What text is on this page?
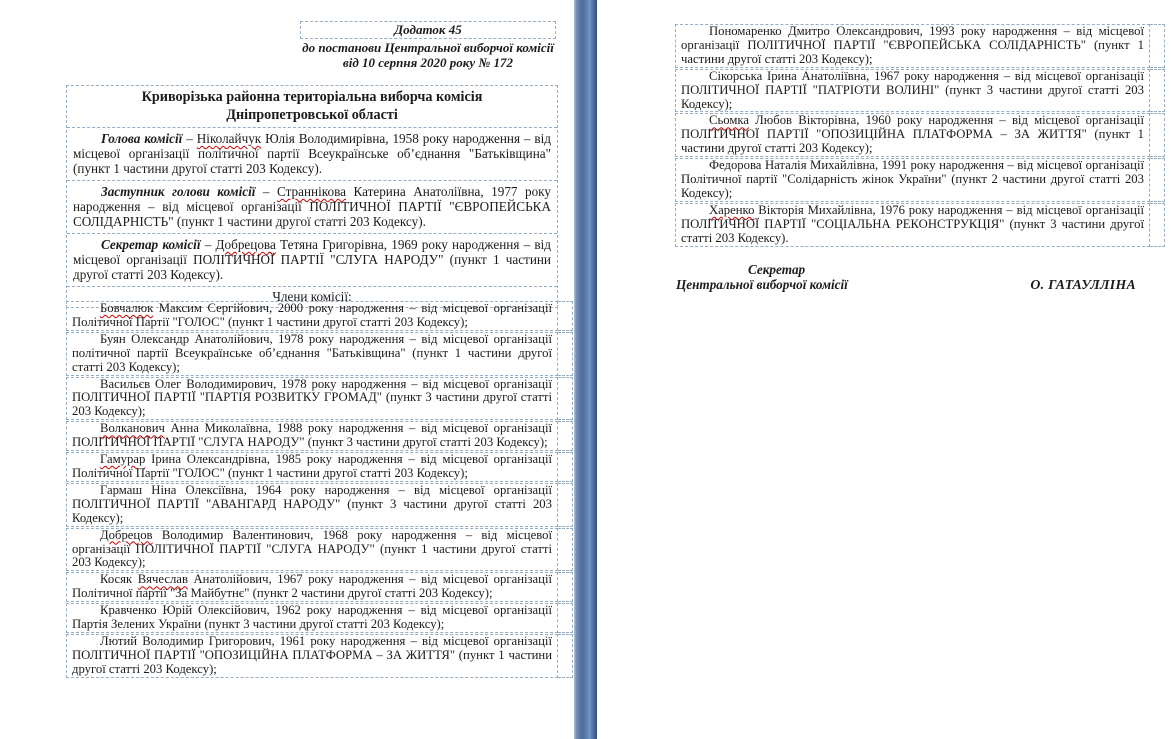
Додаток 45
до постанови Центральної виборчої комісії
від 10 серпня 2020 року № 172
Криворізька районна територіальна виборча комісія
Дніпропетровської області
Голова комісії – Ніколайчук Юлія Володимирівна, 1958 року народження – від місцевої організації політичної партії Всеукраїнське об’єднання "Батьківщина" (пункт 1 частини другої статті 203 Кодексу).
Заступник голови комісії – Страннікова Катерина Анатоліївна, 1977 року народження – від місцевої організації ПОЛІТИЧНОЇ ПАРТІЇ "ЄВРОПЕЙСЬКА СОЛІДАРНІСТЬ" (пункт 1 частини другої статті 203 Кодексу).
Секретар комісії – Добрецова Тетяна Григорівна, 1969 року народження – від місцевої організації ПОЛІТИЧНОЇ ПАРТІЇ "СЛУГА НАРОДУ" (пункт 1 частини другої статті 203 Кодексу).
Члени комісії:
Бовчалюк Максим Сергійович, 2000 року народження – від місцевої організації Політичної Партії "ГОЛОС" (пункт 1 частини другої статті 203 Кодексу);
Буян Олександр Анатолійович, 1978 року народження – від місцевої організації політичної партії Всеукраїнське об’єднання "Батьківщина" (пункт 1 частини другої статті 203 Кодексу);
Васильєв Олег Володимирович, 1978 року народження – від місцевої організації ПОЛІТИЧНОЇ ПАРТІЇ "ПАРТІЯ РОЗВИТКУ ГРОМАД" (пункт 3 частини другої статті 203 Кодексу);
Волканович Анна Миколаївна, 1988 року народження – від місцевої організації ПОЛІТИЧНОЇ ПАРТІЇ "СЛУГА НАРОДУ" (пункт 3 частини другої статті 203 Кодексу);
Гамурар Ірина Олександрівна, 1985 року народження – від місцевої організації Політичної Партії "ГОЛОС" (пункт 1 частини другої статті 203 Кодексу);
Гармаш Ніна Олексіївна, 1964 року народження – від місцевої організації ПОЛІТИЧНОЇ ПАРТІЇ "АВАНГАРД НАРОДУ" (пункт 3 частини другої статті 203 Кодексу);
Добрецов Володимир Валентинович, 1968 року народження – від місцевої організації ПОЛІТИЧНОЇ ПАРТІЇ "СЛУГА НАРОДУ" (пункт 1 частини другої статті 203 Кодексу);
Косяк Вячеслав Анатолійович, 1967 року народження – від місцевої організації Політичної партії "За Майбутнє" (пункт 2 частини другої статті 203 Кодексу);
Кравченко Юрій Олексійович, 1962 року народження – від місцевої організації Партія Зелених України (пункт 3 частини другої статті 203 Кодексу);
Лютий Володимир Григорович, 1961 року народження – від місцевої організації ПОЛІТИЧНОЇ ПАРТІЇ "ОПОЗИЦІЙНА ПЛАТФОРМА – ЗА ЖИТТЯ" (пункт 1 частини другої статті 203 Кодексу);
Пономаренко Дмитро Олександрович, 1993 року народження – від місцевої організації ПОЛІТИЧНОЇ ПАРТІЇ "ЄВРОПЕЙСЬКА СОЛІДАРНІСТЬ" (пункт 1 частини другої статті 203 Кодексу);
Сікорська Ірина Анатоліївна, 1967 року народження – від місцевої організації ПОЛІТИЧНОЇ ПАРТІЇ "ПАТРІОТИ ВОЛИНІ" (пункт 3 частини другої статті 203 Кодексу);
Сьомка Любов Вікторівна, 1960 року народження – від місцевої організації ПОЛІТИЧНОЇ ПАРТІЇ "ОПОЗИЦІЙНА ПЛАТФОРМА – ЗА ЖИТТЯ" (пункт 1 частини другої статті 203 Кодексу);
Федорова Наталія Михайлівна, 1991 року народження – від місцевої організації Політичної партії "Солідарність жінок України" (пункт 2 частини другої статті 203 Кодексу);
Харенко Вікторія Михайлівна, 1976 року народження – від місцевої організації ПОЛІТИЧНОЇ ПАРТІЇ "СОЦІАЛЬНА РЕКОНСТРУКЦІЯ" (пункт 3 частини другої статті 203 Кодексу).
Секретар
Центральної виборчої комісії	О. ГАТАУЛЛІНА
